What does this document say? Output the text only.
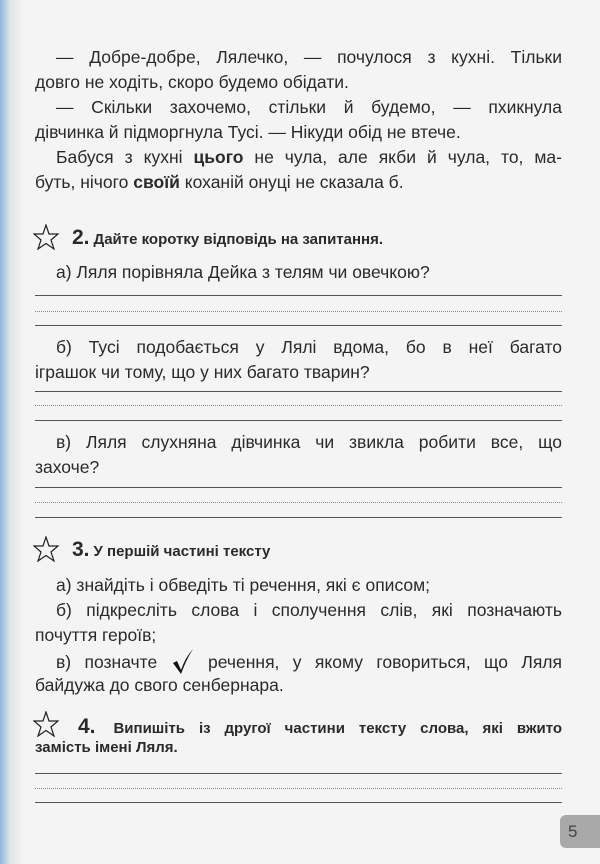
— Добре-добре, Лялечко, — почулося з кухні. Тільки
довго не ходіть, скоро будемо обідати.
— Скільки захочемо, стільки й будемо, — пхикнула
дівчинка й підморгнула Тусі. — Нікуди обід не втече.
Бабуся з кухні цього не чула, але якби й чула, то, ма-
буть, нічого своїй коханій онуці не сказала б.
2. Дайте коротку відповідь на запитання.
а) Ляля порівняла Дейка з телям чи овечкою?
б) Тусі подобається у Лялі вдома, бо в неї багато
іграшок чи тому, що у них багато тварин?
в) Ляля слухняна дівчинка чи звикла робити все, що
захоче?
3. У першій частині тексту
а) знайдіть і обведіть ті речення, які є описом;
б) підкресліть слова і сполучення слів, які позначають
почуття героїв;
в) позначте	речення, у якому говориться, що Ляля
байдужа до свого сенбернара.
4. Випишіть із другої частини тексту слова, які вжито
замість імені Ляля.
5
